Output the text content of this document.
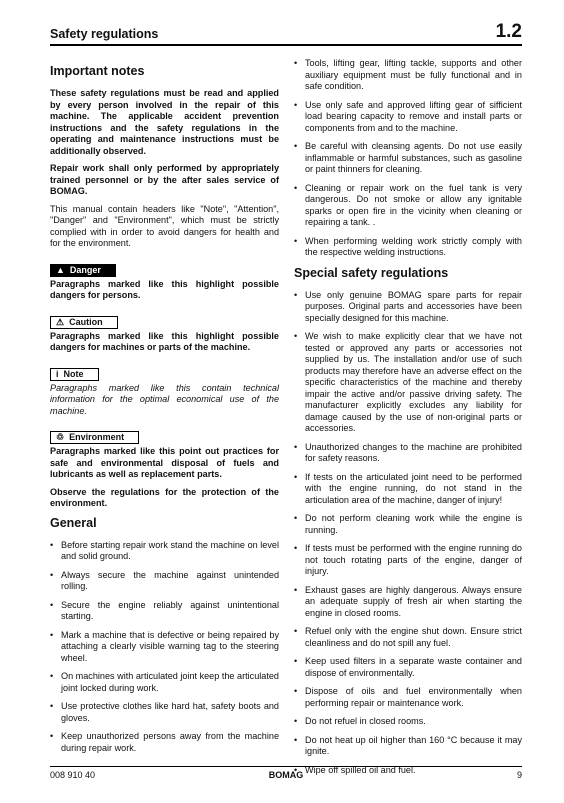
Safety regulations	1.2
Important notes

These safety regulations must be read and applied by every person involved in the repair of this machine. The applicable accident prevention instructions and the safety regulations in the operating and maintenance instructions must be additionally observed.

Repair work shall only performed by appropriately trained personnel or by the after sales service of BOMAG.

This manual contain headers like "Note", "Attention", "Danger" and "Environment", which must be strictly complied with in order to avoid dangers for health and for the environment.

▲ Danger

Paragraphs marked like this highlight possible dangers for persons.

⚠ Caution

Paragraphs marked like this highlight possible dangers for machines or parts of the machine.

i Note

Paragraphs marked like this contain technical information for the optimal economical use of the machine.

♲ Environment

Paragraphs marked like this point out practices for safe and environmental disposal of fuels and lubricants as well as replacement parts.

Observe the regulations for the protection of the environment.

General
• Before starting repair work stand the machine on level and solid ground.
• Always secure the machine against unintended rolling.
• Secure the engine reliably against unintentional starting.
• Mark a machine that is defective or being repaired by attaching a clearly visible warning tag to the steering wheel.
• On machines with articulated joint keep the articulated joint locked during work.
• Use protective clothes like hard hat, safety boots and gloves.
• Keep unauthorized persons away from the machine during repair work.
• Tools, lifting gear, lifting tackle, supports and other auxiliary equipment must be fully functional and in safe condition.
• Use only safe and approved lifting gear of sifficient load bearing capacity to remove and install parts or components from and to the machine.
• Be careful with cleansing agents. Do not use easily inflammable or harmful substances, such as gasoline or paint thinners for cleaning.
• Cleaning or repair work on the fuel tank is very dangerous. Do not smoke or allow any ignitable sparks or open fire in the vicinity when cleaning or repairing a tank. .
• When performing welding work strictly comply with the respective welding instructions.
Special safety regulations
• Use only genuine BOMAG spare parts for repair purposes. Original parts and accessories have been specially designed for this machine.
• We wish to make explicitly clear that we have not tested or approved any parts or accessories not supplied by us. The installation and/or use of such products may therefore have an adverse effect on the specific characteristics of the machine and thereby impair the active and/or passive driving safety. The manufacturer explicitly excludes any liability for damage caused by the use of non-original parts or accessories.
• Unauthorized changes to the machine are prohibited for safety reasons.
• If tests on the articulated joint need to be performed with the engine running, do not stand in the articulation area of the machine, danger of injury!
• Do not perform cleaning work while the engine is running.
• If tests must be performed with the engine running do not touch rotating parts of the engine, danger of injury.
• Exhaust gases are highly dangerous. Always ensure an adequate supply of fresh air when starting the engine in closed rooms.
• Refuel only with the engine shut down. Ensure strict cleanliness and do not spill any fuel.
• Keep used filters in a separate waste container and dispose of environmentally.
• Dispose of oils and fuel environmentally when performing repair or maintenance work.
• Do not refuel in closed rooms.
• Do not heat up oil higher than 160 °C because it may ignite.
• Wipe off spilled oil and fuel.
008 910 40	BOMAG	9
